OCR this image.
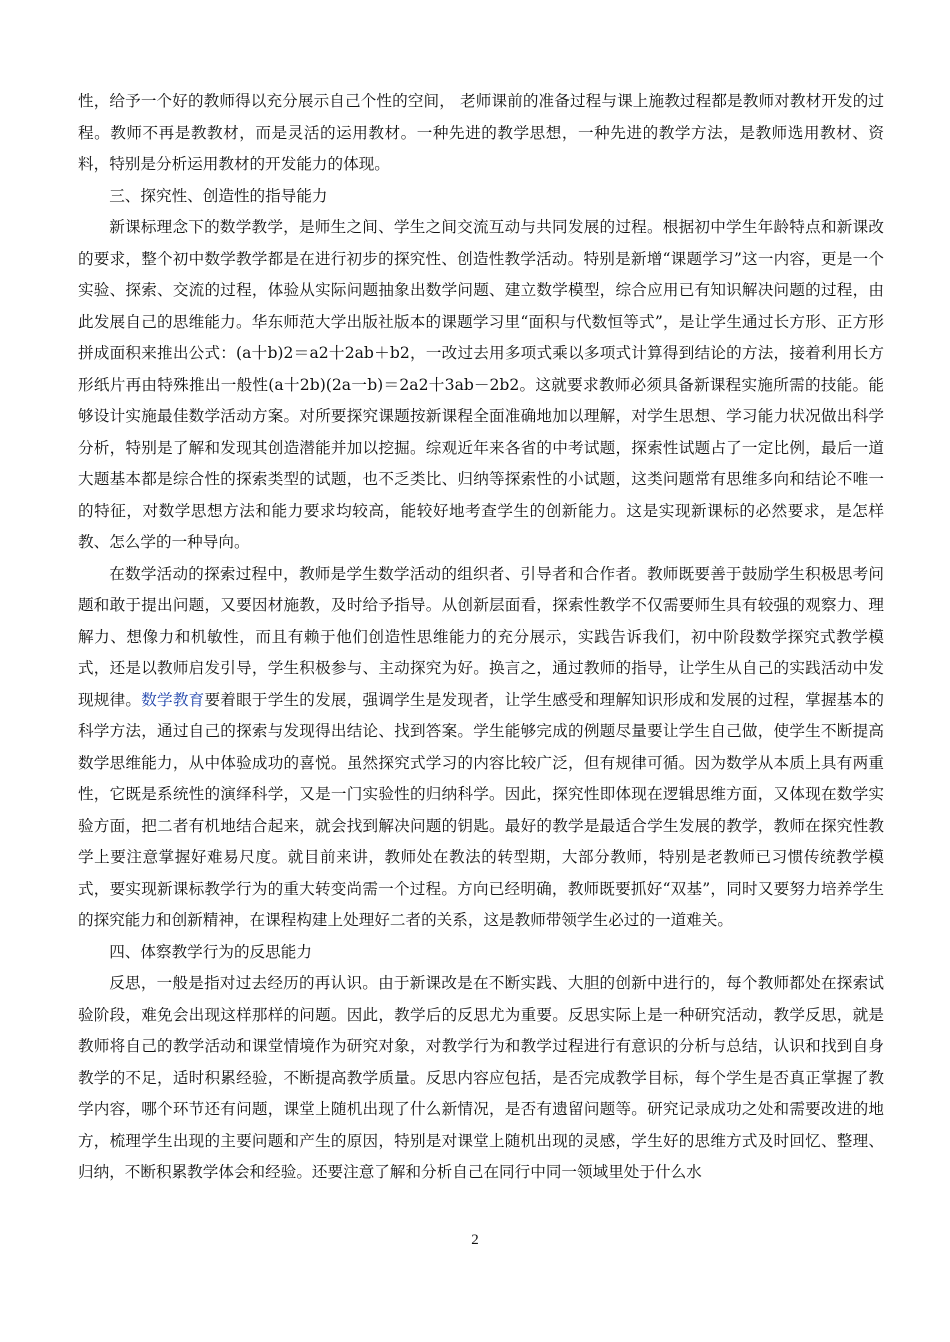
性，给予一个好的教师得以充分展示自己个性的空间， 老师课前的准备过程与课上施教过程都是教师对教材开发的过程。教师不再是教教材，而是灵活的运用教材。一种先进的教学思想，一种先进的教学方法，是教师选用教材、资料，特别是分析运用教材的开发能力的体现。

三、探究性、创造性的指导能力

新课标理念下的数学教学，是师生之间、学生之间交流互动与共同发展的过程。根据初中学生年龄特点和新课改的要求，整个初中数学教学都是在进行初步的探究性、创造性教学活动。特别是新增“课题学习”这一内容，更是一个实验、探索、交流的过程，体验从实际问题抽象出数学问题、建立数学模型，综合应用已有知识解决问题的过程，由此发展自己的思维能力。华东师范大学出版社版本的课题学习里“面积与代数恒等式”，是让学生通过长方形、正方形拼成面积来推出公式：(a十b)2＝a2十2ab＋b2，一改过去用多项式乘以多项式计算得到结论的方法，接着利用长方形纸片再由特殊推出一般性(a十2b)(2a一b)＝2a2十3ab－2b2。这就要求教师必须具备新课程实施所需的技能。能够设计实施最佳数学活动方案。对所要探究课题按新课程全面准确地加以理解，对学生思想、学习能力状况做出科学分析，特别是了解和发现其创造潜能并加以挖掘。综观近年来各省的中考试题，探索性试题占了一定比例，最后一道大题基本都是综合性的探索类型的试题，也不乏类比、归纳等探索性的小试题，这类问题常有思维多向和结论不唯一的特征，对数学思想方法和能力要求均较高，能较好地考查学生的创新能力。这是实现新课标的必然要求，是怎样教、怎么学的一种导向。

在数学活动的探索过程中，教师是学生数学活动的组织者、引导者和合作者。教师既要善于鼓励学生积极思考问题和敢于提出问题，又要因材施教，及时给予指导。从创新层面看，探索性教学不仅需要师生具有较强的观察力、理解力、想像力和机敏性，而且有赖于他们创造性思维能力的充分展示，实践告诉我们，初中阶段数学探究式教学模式，还是以教师启发引导，学生积极参与、主动探究为好。换言之，通过教师的指导，让学生从自己的实践活动中发现规律。数学教育要着眼于学生的发展，强调学生是发现者，让学生感受和理解知识形成和发展的过程，掌握基本的科学方法，通过自己的探索与发现得出结论、找到答案。学生能够完成的例题尽量要让学生自己做，使学生不断提高数学思维能力，从中体验成功的喜悦。虽然探究式学习的内容比较广泛，但有规律可循。因为数学从本质上具有两重性，它既是系统性的演绎科学，又是一门实验性的归纳科学。因此，探究性即体现在逻辑思维方面，又体现在数学实验方面，把二者有机地结合起来，就会找到解决问题的钥匙。最好的教学是最适合学生发展的教学，教师在探究性教学上要注意掌握好难易尺度。就目前来讲，教师处在教法的转型期，大部分教师，特别是老教师已习惯传统教学模式，要实现新课标教学行为的重大转变尚需一个过程。方向已经明确，教师既要抓好“双基”，同时又要努力培养学生的探究能力和创新精神，在课程构建上处理好二者的关系，这是教师带领学生必过的一道难关。

四、体察教学行为的反思能力

反思，一般是指对过去经历的再认识。由于新课改是在不断实践、大胆的创新中进行的，每个教师都处在探索试验阶段，难免会出现这样那样的问题。因此，教学后的反思尤为重要。反思实际上是一种研究活动，教学反思，就是教师将自己的教学活动和课堂情境作为研究对象，对教学行为和教学过程进行有意识的分析与总结，认识和找到自身教学的不足，适时积累经验，不断提高教学质量。反思内容应包括，是否完成教学目标，每个学生是否真正掌握了教学内容，哪个环节还有问题，课堂上随机出现了什么新情况，是否有遗留问题等。研究记录成功之处和需要改进的地方，梳理学生出现的主要问题和产生的原因，特别是对课堂上随机出现的灵感，学生好的思维方式及时回忆、整理、归纳，不断积累教学体会和经验。还要注意了解和分析自己在同行中同一领域里处于什么水

2
